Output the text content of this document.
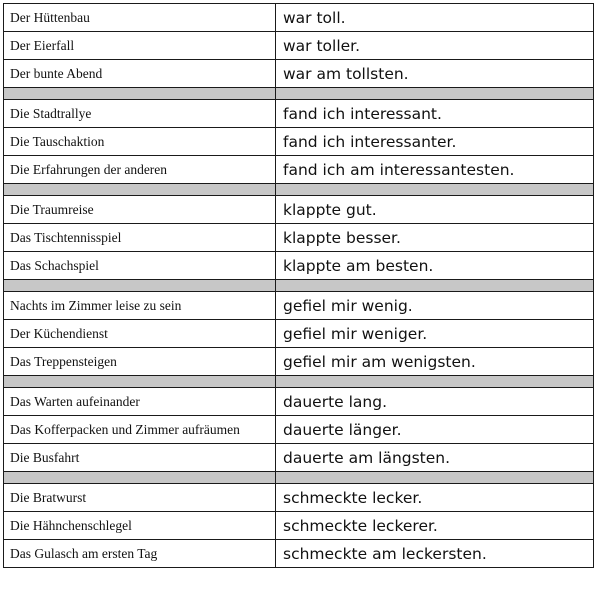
Der Hüttenbau	war toll.
Der Eierfall	war toller.
Der bunte Abend	war am tollsten.

Die Stadtrallye	fand ich interessant.
Die Tauschaktion	fand ich interessanter.
Die Erfahrungen der anderen	fand ich am interessantesten.

Die Traumreise	klappte gut.
Das Tischtennisspiel	klappte besser.
Das Schachspiel	klappte am besten.

Nachts im Zimmer leise zu sein	gefiel mir wenig.
Der Küchendienst	gefiel mir weniger.
Das Treppensteigen	gefiel mir am wenigsten.

Das Warten aufeinander	dauerte lang.
Das Kofferpacken und Zimmer aufräumen	dauerte länger.
Die Busfahrt	dauerte am längsten.

Die Bratwurst	schmeckte lecker.
Die Hähnchenschlegel	schmeckte leckerer.
Das Gulasch am ersten Tag	schmeckte am leckersten.
